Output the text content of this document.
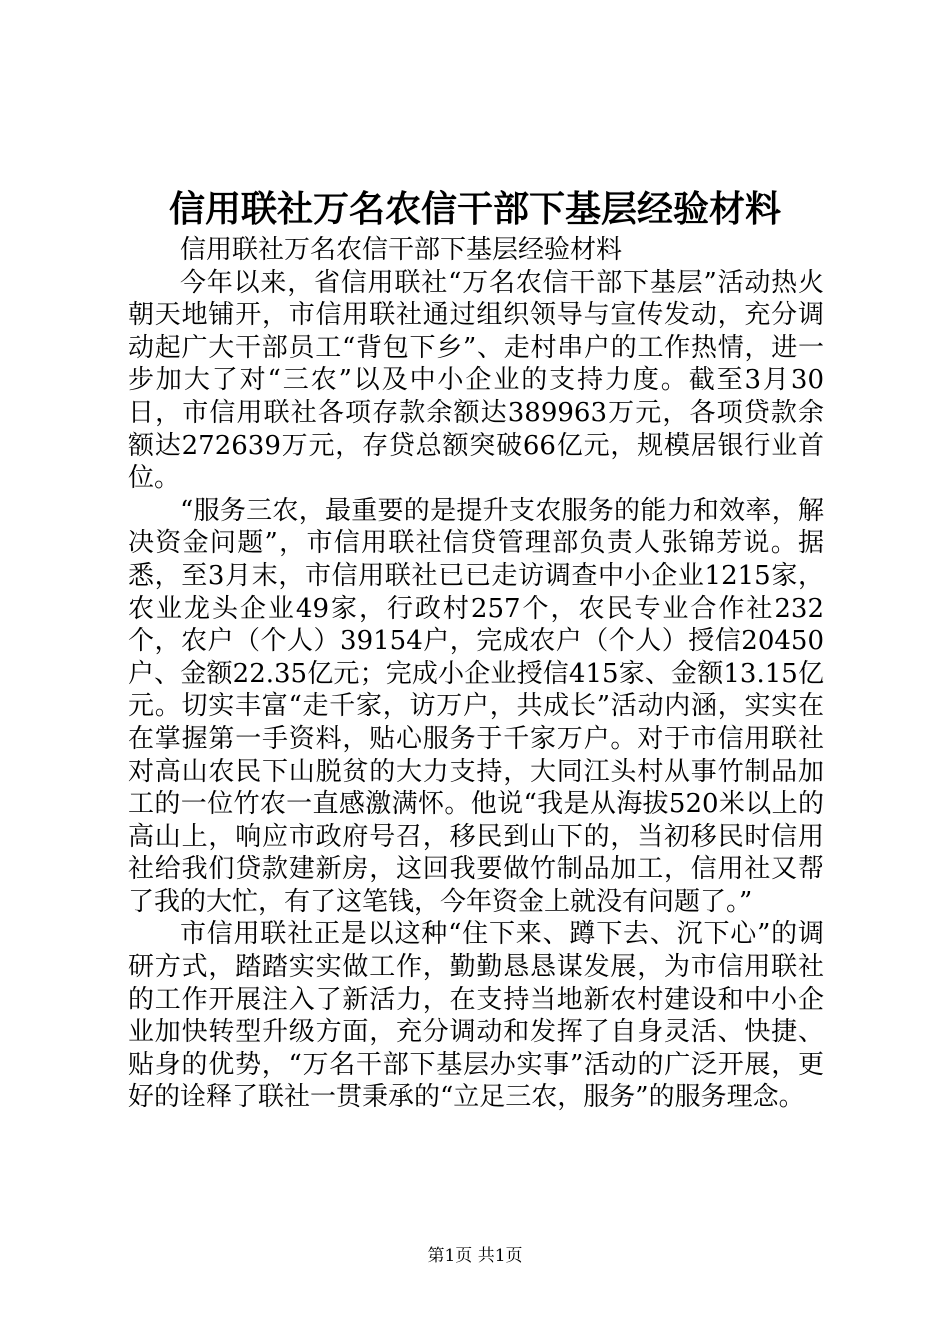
信用联社万名农信干部下基层经验材料

信用联社万名农信干部下基层经验材料

今年以来，省信用联社“万名农信干部下基层”活动热火朝天地铺开，市信用联社通过组织领导与宣传发动，充分调动起广大干部员工“背包下乡”、走村串户的工作热情，进一步加大了对“三农”以及中小企业的支持力度。截至3月30日，市信用联社各项存款余额达389963万元，各项贷款余额达272639万元，存贷总额突破66亿元，规模居银行业首位。

“服务三农，最重要的是提升支农服务的能力和效率，解决资金问题”，市信用联社信贷管理部负责人张锦芳说。据悉，至3月末，市信用联社已已走访调查中小企业1215家，农业龙头企业49家，行政村257个，农民专业合作社232个，农户（个人）39154户，完成农户（个人）授信20450户、金额22.35亿元；完成小企业授信415家、金额13.15亿元。切实丰富“走千家，访万户，共成长”活动内涵，实实在在掌握第一手资料，贴心服务于千家万户。对于市信用联社对高山农民下山脱贫的大力支持，大同江头村从事竹制品加工的一位竹农一直感激满怀。他说“我是从海拔520米以上的高山上，响应市政府号召，移民到山下的，当初移民时信用社给我们贷款建新房，这回我要做竹制品加工，信用社又帮了我的大忙，有了这笔钱，今年资金上就没有问题了。”

市信用联社正是以这种“住下来、蹲下去、沉下心”的调研方式，踏踏实实做工作，勤勤恳恳谋发展，为市信用联社的工作开展注入了新活力，在支持当地新农村建设和中小企业加快转型升级方面，充分调动和发挥了自身灵活、快捷、贴身的优势，“万名干部下基层办实事”活动的广泛开展，更好的诠释了联社一贯秉承的“立足三农，服务”的服务理念。

第1页 共1页
